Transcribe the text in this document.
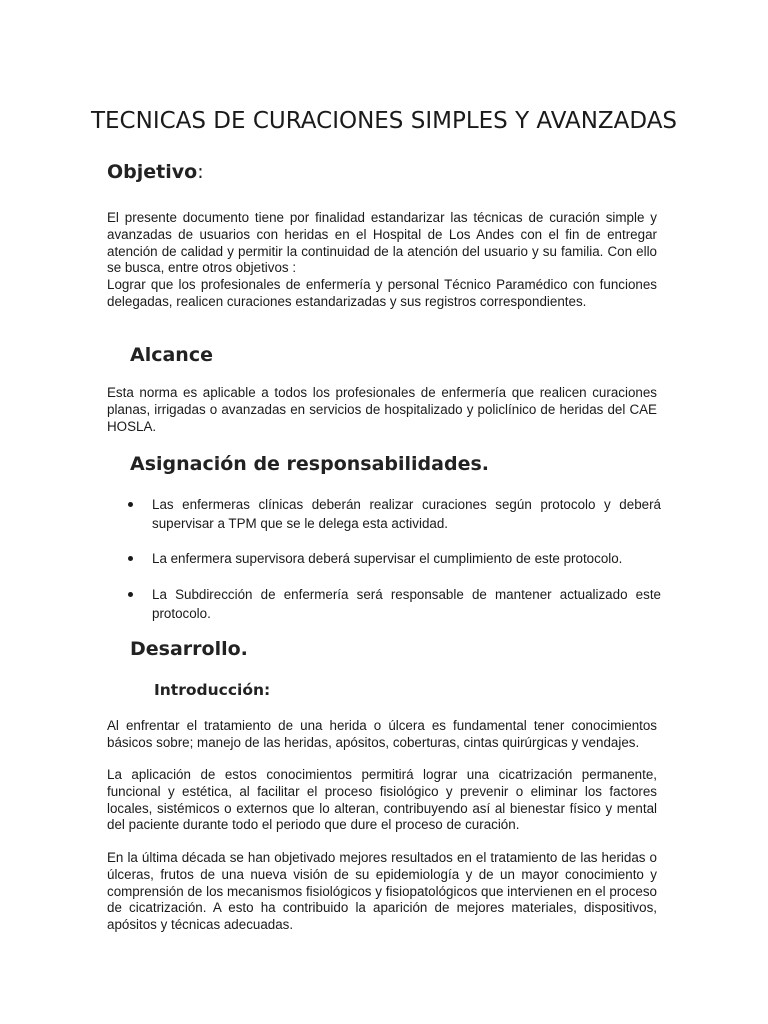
TECNICAS DE CURACIONES SIMPLES Y AVANZADAS
Objetivo:

El presente documento tiene por finalidad estandarizar las técnicas de curación simple y avanzadas de usuarios con heridas en el Hospital de Los Andes con el fin de entregar atención de calidad y permitir la continuidad de la atención del usuario y su familia. Con ello se busca, entre otros objetivos :

Lograr que los profesionales de enfermería y personal Técnico Paramédico con funciones delegadas, realicen curaciones estandarizadas y sus registros correspondientes.

Alcance

Esta norma es aplicable a todos los profesionales de enfermería que realicen curaciones planas, irrigadas o avanzadas en servicios de hospitalizado y policlínico de heridas del CAE HOSLA.

Asignación de responsabilidades.
Las enfermeras clínicas deberán realizar curaciones según protocolo y deberá supervisar a TPM que se le delega esta actividad.
La enfermera supervisora deberá supervisar el cumplimiento de este protocolo.
La Subdirección de enfermería será responsable de mantener actualizado este protocolo.
Desarrollo.
Introducción:

Al enfrentar el tratamiento de una herida o úlcera es fundamental tener conocimientos básicos sobre; manejo de las heridas, apósitos, coberturas, cintas quirúrgicas y vendajes.

La aplicación de estos conocimientos permitirá lograr una cicatrización permanente, funcional y estética, al facilitar el proceso fisiológico y prevenir o eliminar los factores locales, sistémicos o externos que lo alteran, contribuyendo así al bienestar físico y mental del paciente durante todo el periodo que dure el proceso de curación.

En la última década se han objetivado mejores resultados en el tratamiento de las heridas o úlceras, frutos de una nueva visión de su epidemiología y de un mayor conocimiento y comprensión de los mecanismos fisiológicos y fisiopatológicos que intervienen en el proceso de cicatrización. A esto ha contribuido la aparición de mejores materiales, dispositivos, apósitos y técnicas adecuadas.
